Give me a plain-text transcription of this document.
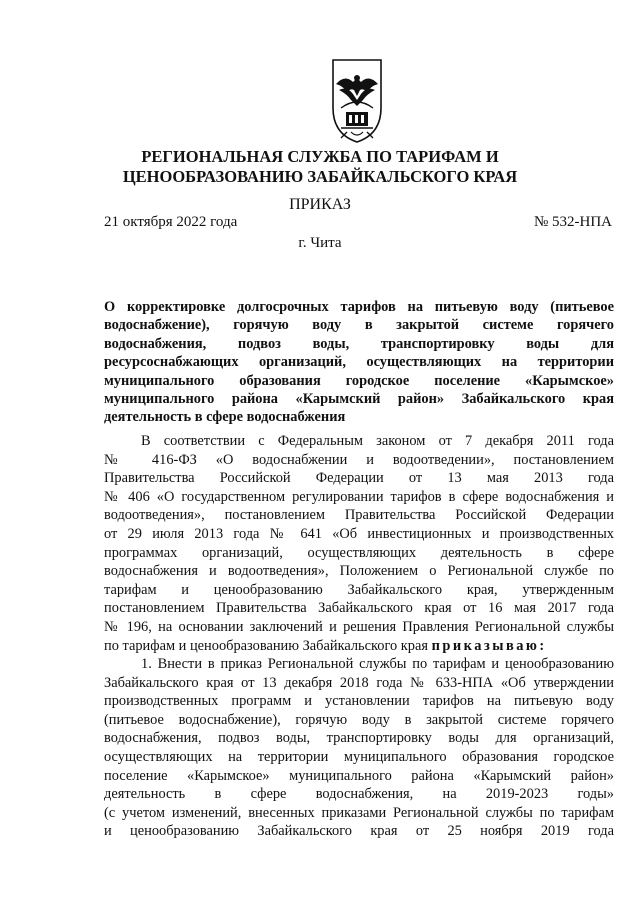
РЕГИОНАЛЬНАЯ СЛУЖБА ПО ТАРИФАМ И
ЦЕНООБРАЗОВАНИЮ ЗАБАЙКАЛЬСКОГО КРАЯ
ПРИКАЗ
21 октября 2022 года	№ 532-НПА
г. Чита
О корректировке долгосрочных тарифов на питьевую воду (питьевое
водоснабжение), горячую воду в закрытой системе горячего
водоснабжения, подвоз воды, транспортировку воды для
ресурсоснабжающих организаций, осуществляющих на территории
муниципального образования городское поселение «Карымское»
муниципального района «Карымский район» Забайкальского края
деятельность в сфере водоснабжения
В соответствии с Федеральным законом от 7 декабря 2011 года
№ 416-ФЗ «О водоснабжении и водоотведении», постановлением
Правительства Российской Федерации от 13 мая 2013 года
№ 406 «О государственном регулировании тарифов в сфере водоснабжения и
водоотведения», постановлением Правительства Российской Федерации
от 29 июля 2013 года № 641 «Об инвестиционных и производственных
программах организаций, осуществляющих деятельность в сфере
водоснабжения и водоотведения», Положением о Региональной службе по
тарифам и ценообразованию Забайкальского края, утвержденным
постановлением Правительства Забайкальского края от 16 мая 2017 года
№ 196, на основании заключений и решения Правления Региональной службы
по тарифам и ценообразованию Забайкальского края приказываю:
1. Внести в приказ Региональной службы по тарифам и ценообразованию
Забайкальского края от 13 декабря 2018 года № 633-НПА «Об утверждении
производственных программ и установлении тарифов на питьевую воду
(питьевое водоснабжение), горячую воду в закрытой системе горячего
водоснабжения, подвоз воды, транспортировку воды для организаций,
осуществляющих на территории муниципального образования городское
поселение «Карымское» муниципального района «Карымский район»
деятельность в сфере водоснабжения, на 2019-2023 годы»
(с учетом изменений, внесенных приказами Региональной службы по тарифам
и ценообразованию Забайкальского края от 25 ноября 2019 года
